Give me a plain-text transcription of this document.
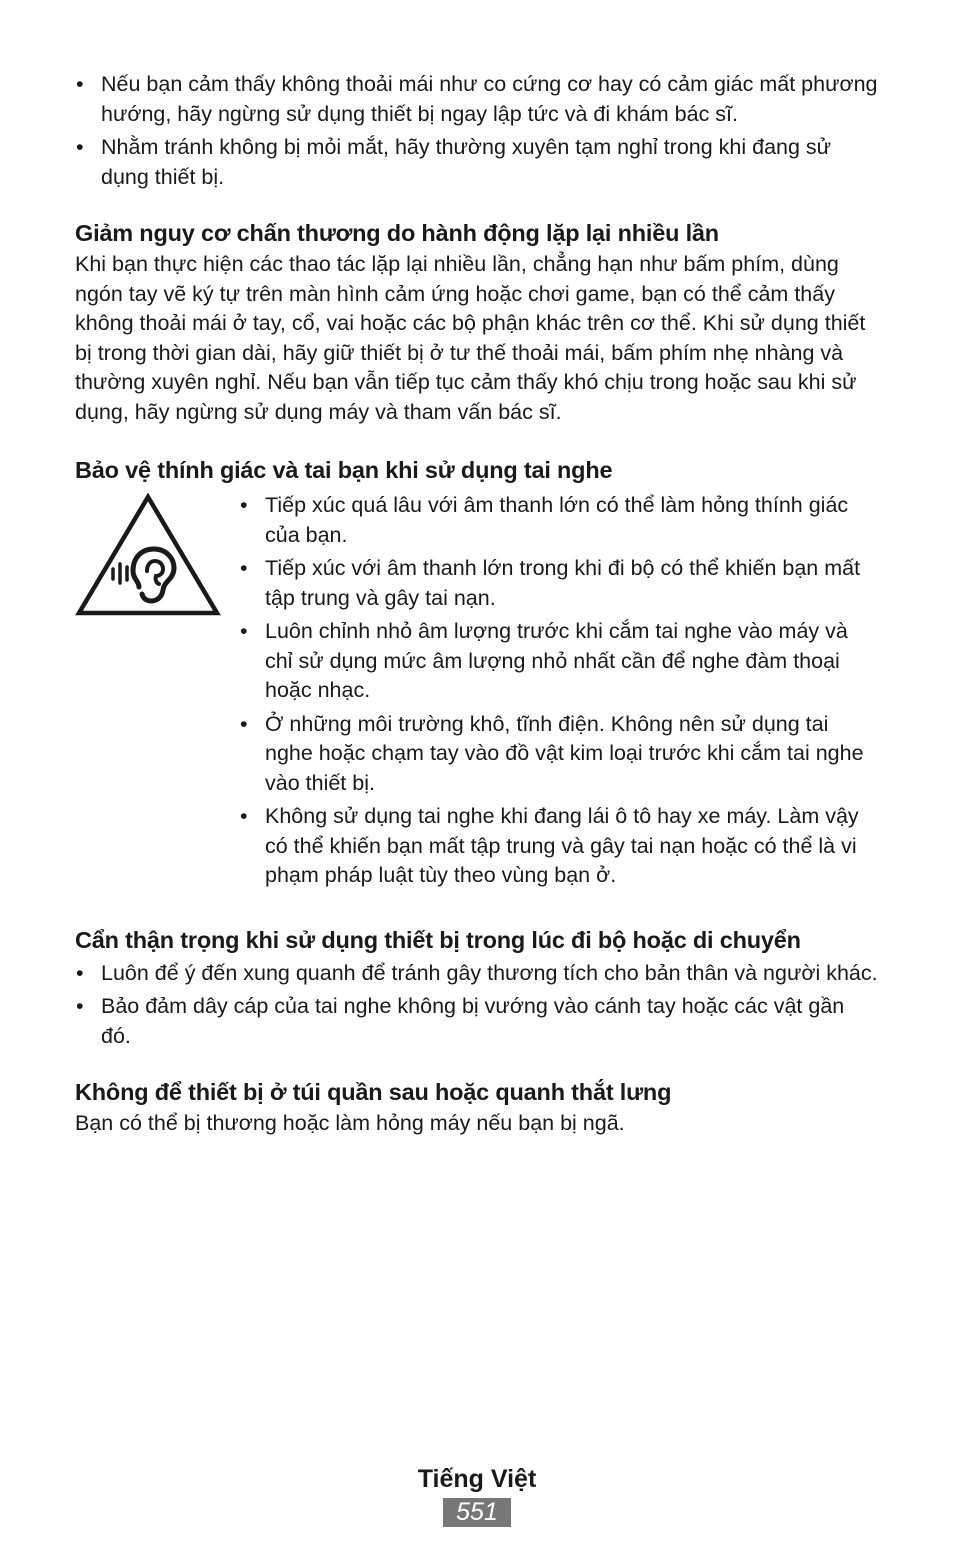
• Nếu bạn cảm thấy không thoải mái như co cứng cơ hay có cảm giác mất phương hướng, hãy ngừng sử dụng thiết bị ngay lập tức và đi khám bác sĩ.
• Nhằm tránh không bị mỏi mắt, hãy thường xuyên tạm nghỉ trong khi đang sử dụng thiết bị.
Giảm nguy cơ chấn thương do hành động lặp lại nhiều lần

Khi bạn thực hiện các thao tác lặp lại nhiều lần, chẳng hạn như bấm phím, dùng ngón tay vẽ ký tự trên màn hình cảm ứng hoặc chơi game, bạn có thể cảm thấy không thoải mái ở tay, cổ, vai hoặc các bộ phận khác trên cơ thể. Khi sử dụng thiết bị trong thời gian dài, hãy giữ thiết bị ở tư thế thoải mái, bấm phím nhẹ nhàng và thường xuyên nghỉ. Nếu bạn vẫn tiếp tục cảm thấy khó chịu trong hoặc sau khi sử dụng, hãy ngừng sử dụng máy và tham vấn bác sĩ.

Bảo vệ thính giác và tai bạn khi sử dụng tai nghe
• Tiếp xúc quá lâu với âm thanh lớn có thể làm hỏng thính giác của bạn.
• Tiếp xúc với âm thanh lớn trong khi đi bộ có thể khiến bạn mất tập trung và gây tai nạn.
• Luôn chỉnh nhỏ âm lượng trước khi cắm tai nghe vào máy và chỉ sử dụng mức âm lượng nhỏ nhất cần để nghe đàm thoại hoặc nhạc.
• Ở những môi trường khô, tĩnh điện. Không nên sử dụng tai nghe hoặc chạm tay vào đồ vật kim loại trước khi cắm tai nghe vào thiết bị.
• Không sử dụng tai nghe khi đang lái ô tô hay xe máy. Làm vậy có thể khiến bạn mất tập trung và gây tai nạn hoặc có thể là vi phạm pháp luật tùy theo vùng bạn ở.
Cẩn thận trọng khi sử dụng thiết bị trong lúc đi bộ hoặc di chuyển
• Luôn để ý đến xung quanh để tránh gây thương tích cho bản thân và người khác.
• Bảo đảm dây cáp của tai nghe không bị vướng vào cánh tay hoặc các vật gần đó.
Không để thiết bị ở túi quần sau hoặc quanh thắt lưng

Bạn có thể bị thương hoặc làm hỏng máy nếu bạn bị ngã.

Tiếng Việt
551
